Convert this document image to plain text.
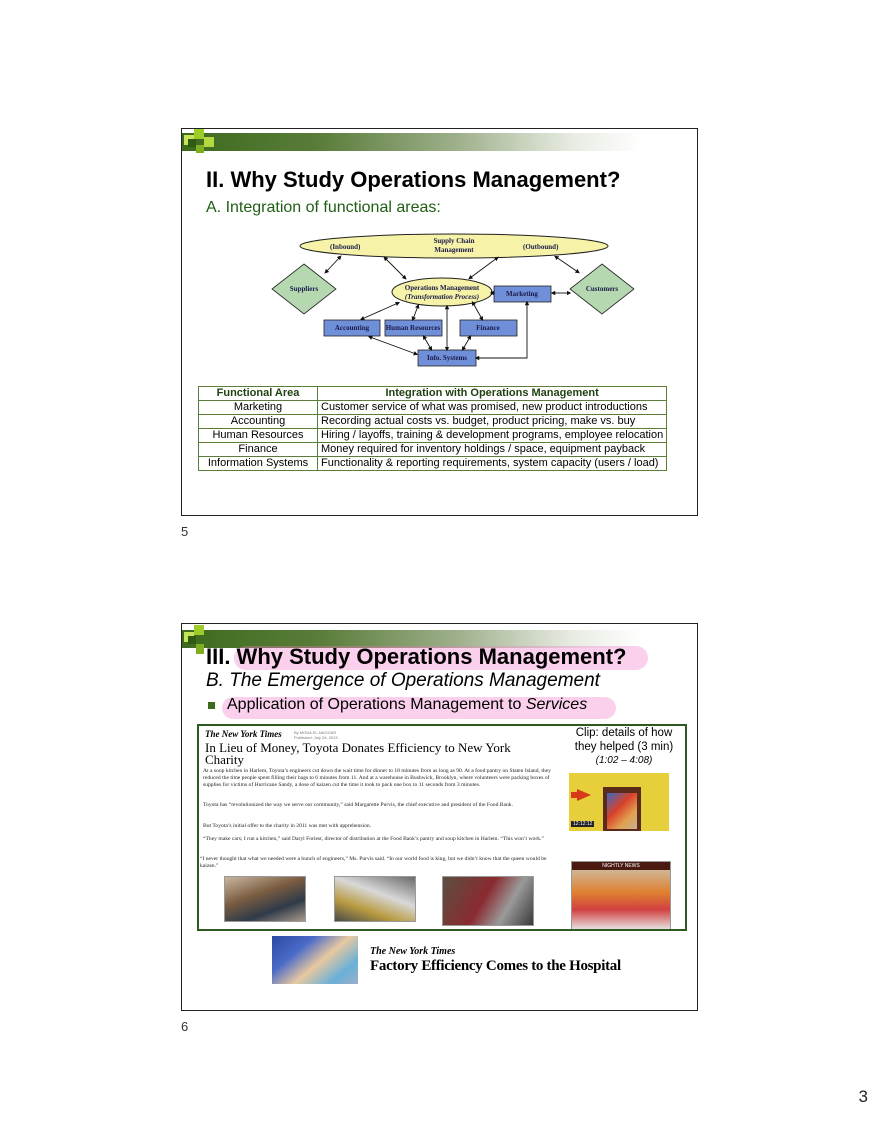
II. Why Study Operations Management?
A. Integration of functional areas:
(Inbound)
Supply Chain
Management	(Outbound)
Suppliers	Customers
Operations Management
(Transformation Process)	Marketing
Accounting Human Resources	Finance
Info. Systems
Functional Area	Integration with Operations Management
Marketing	Customer service of what was promised, new product introductions
Accounting	Recording actual costs vs. budget, product pricing, make vs. buy
Human Resources	Hiring / layoffs, training & development programs, employee relocation
Finance	Money required for inventory holdings / space, equipment payback
Information Systems	Functionality & reporting requirements, system capacity (users / load)
5
III. Why Study Operations Management?
B. The Emergence of Operations Management
Application of Operations Management to Services
The New York Times	By MONA EL-NAGGAR
Published: July 26, 2013
In Lieu of Money, Toyota Donates Efficiency to New York Charity
At a soup kitchen in Harlem, Toyota’s engineers cut down the wait time for dinner to 18 minutes from as long as 90. At a food pantry on Staten Island, they reduced the time people spent filling their bags to 6 minutes from 11. And at a warehouse in Bushwick, Brooklyn, where volunteers were packing boxes of supplies for victims of Hurricane Sandy, a dose of kaizen cut the time it took to pack one box to 11 seconds from 3 minutes.
Toyota has “revolutionized the way we serve our community,” said Margarette Purvis, the chief executive and president of the Food Bank.
But Toyota’s initial offer to the charity in 2011 was met with apprehension.
“They make cars; I run a kitchen,” said Daryl Foriest, director of distribution at the Food Bank’s pantry and soup kitchen in Harlem. “This won’t work.”
“I never thought that what we needed were a bunch of engineers,” Ms. Purvis said. “In our world food is king, but we didn’t know that the queen would be kaizen.”
Clip: details of how
they helped (3 min)
(1:02 – 4:08)
12:12:12
NIGHTLY NEWS
The New York Times
Factory Efficiency Comes to the Hospital
6
3
